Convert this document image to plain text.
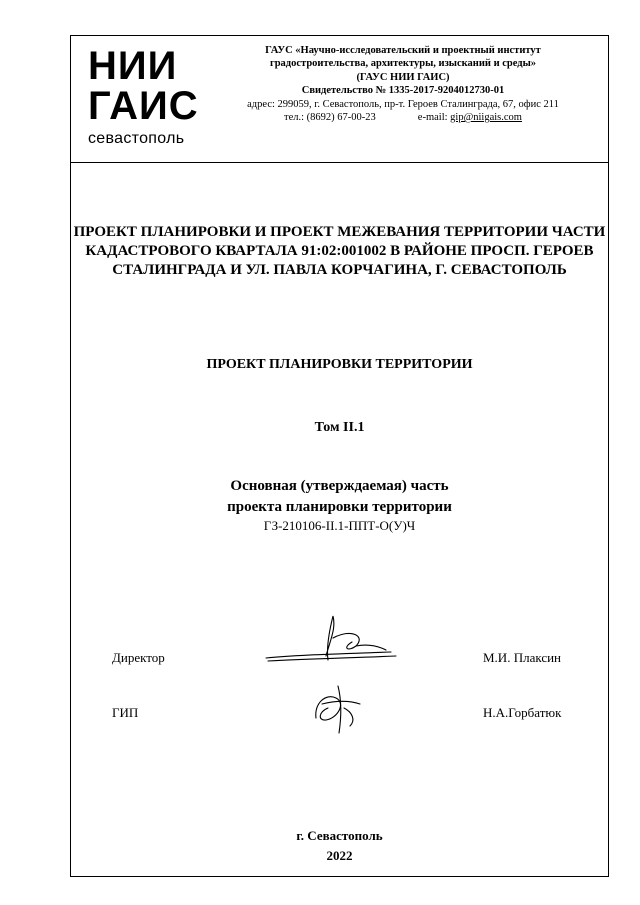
НИИ
ГАИС
севастополь
ГАУС «Научно-исследовательский и проектный институт
градостроительства, архитектуры, изысканий и среды»
(ГАУС НИИ ГАИС)
Свидетельство № 1335-2017-9204012730-01
адрес: 299059, г. Севастополь, пр-т. Героев Сталинграда, 67, офис 211
тел.: (8692) 67-00-23	e-mail: gip@niigais.com
ПРОЕКТ ПЛАНИРОВКИ И ПРОЕКТ МЕЖЕВАНИЯ ТЕРРИТОРИИ ЧАСТИ
КАДАСТРОВОГО КВАРТАЛА 91:02:001002 В РАЙОНЕ ПРОСП. ГЕРОЕВ
СТАЛИНГРАДА И УЛ. ПАВЛА КОРЧАГИНА, Г. СЕВАСТОПОЛЬ
ПРОЕКТ ПЛАНИРОВКИ ТЕРРИТОРИИ
Том II.1
Основная (утверждаемая) часть
проекта планировки территории
ГЗ-210106-II.1-ППТ-О(У)Ч
Директор	М.И. Плаксин
ГИП	Н.А.Горбатюк
г. Севастополь
2022
